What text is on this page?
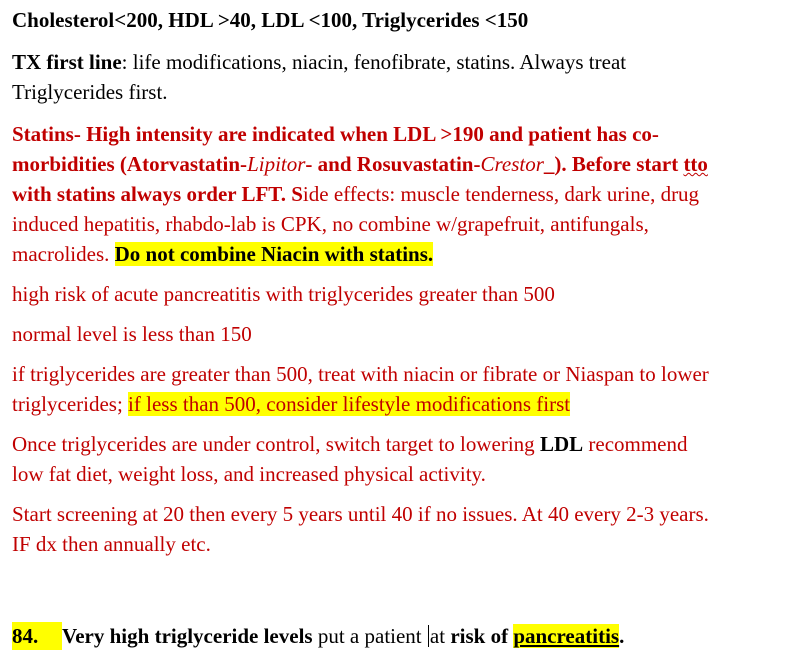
Cholesterol<200, HDL >40, LDL <100, Triglycerides <150
TX first line: life modifications, niacin, fenofibrate, statins. Always treat
Triglycerides first.
Statins- High intensity are indicated when LDL >190 and patient has co-
morbidities (Atorvastatin-Lipitor- and Rosuvastatin-Crestor_). Before start tto
with statins always order LFT. Side effects: muscle tenderness, dark urine, drug
induced hepatitis, rhabdo-lab is CPK, no combine w/grapefruit, antifungals,
macrolides. Do not combine Niacin with statins.
high risk of acute pancreatitis with triglycerides greater than 500
normal level is less than 150
if triglycerides are greater than 500, treat with niacin or fibrate or Niaspan to lower
triglycerides; if less than 500, consider lifestyle modifications first
Once triglycerides are under control, switch target to lowering LDL recommend
low fat diet, weight loss, and increased physical activity.
Start screening at 20 then every 5 years until 40 if no issues. At 40 every 2-3 years.
IF dx then annually etc.
84. Very high triglyceride levels put a patient at risk of pancreatitis.
